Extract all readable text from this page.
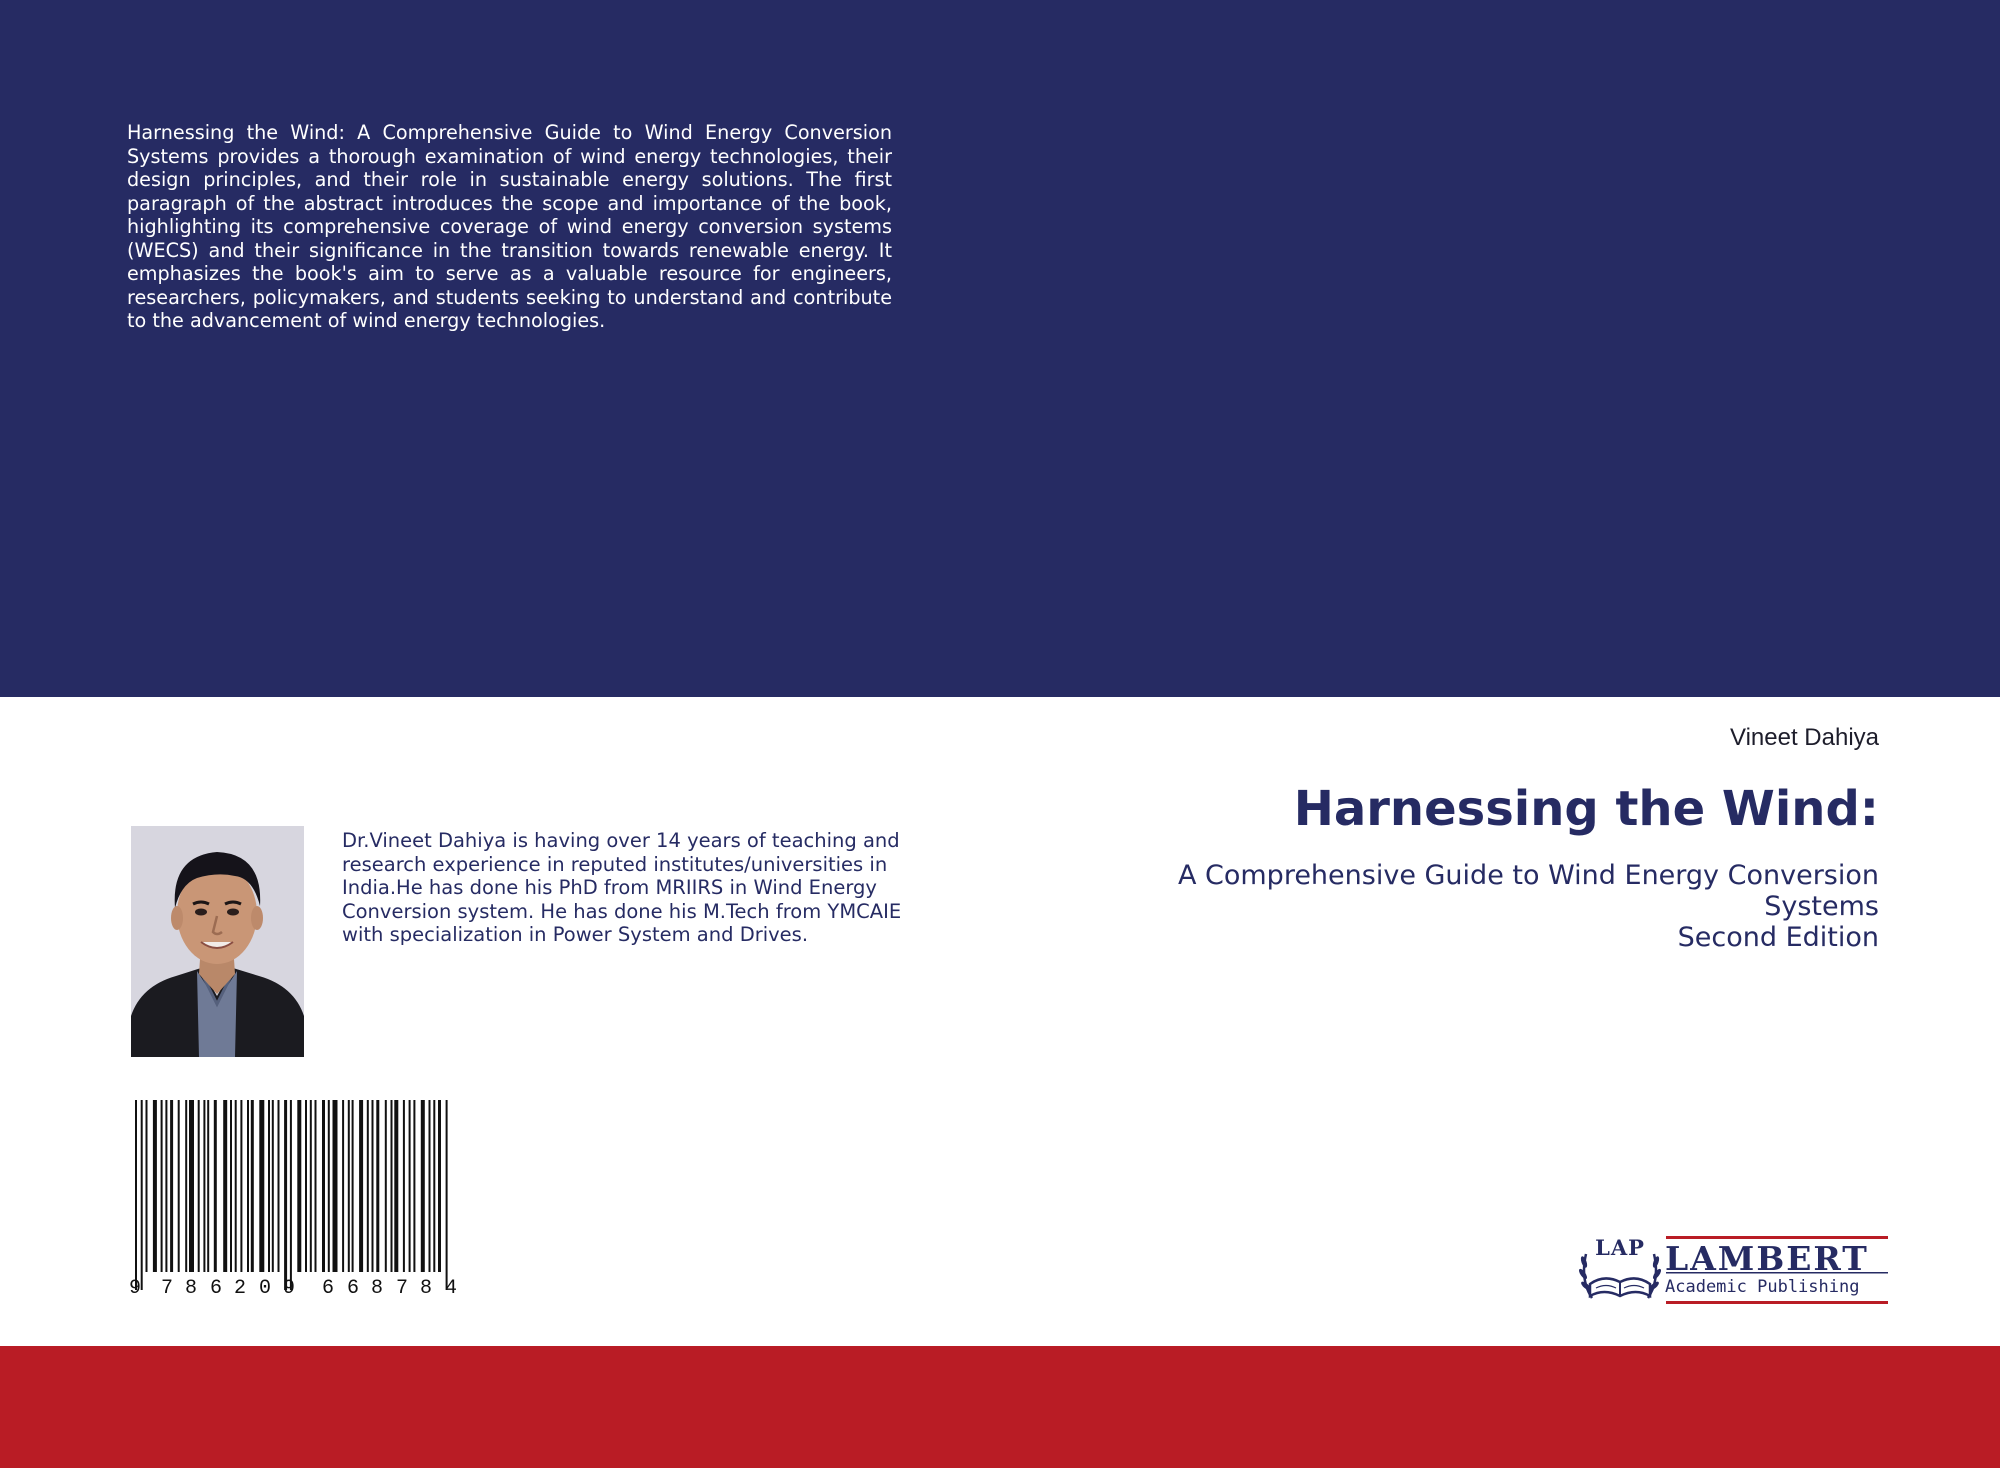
Harnessing the Wind: A Comprehensive Guide to Wind Energy Conversion Systems provides a thorough examination of wind energy technologies, their design principles, and their role in sustainable energy solutions. The first paragraph of the abstract introduces the scope and importance of the book, highlighting its comprehensive coverage of wind energy conversion systems (WECS) and their significance in the transition towards renewable energy. It emphasizes the book's aim to serve as a valuable resource for engineers, researchers, policymakers, and students seeking to understand and contribute to the advancement of wind energy technologies.

Vineet Dahiya
Harnessing the Wind:
A Comprehensive Guide to Wind Energy Conversion
Systems
Second Edition

Dr.Vineet Dahiya is having over 14 years of teaching and research experience in reputed institutes/universities in India.He has done his PhD from MRIIRS in Wind Energy Conversion system. He has done his M.Tech from YMCAIE with specialization in Power System and Drives.

9 7 8 6 2 0 9 6 6 8 7 8 4
LAP LAMBERT
Academic Publishing
